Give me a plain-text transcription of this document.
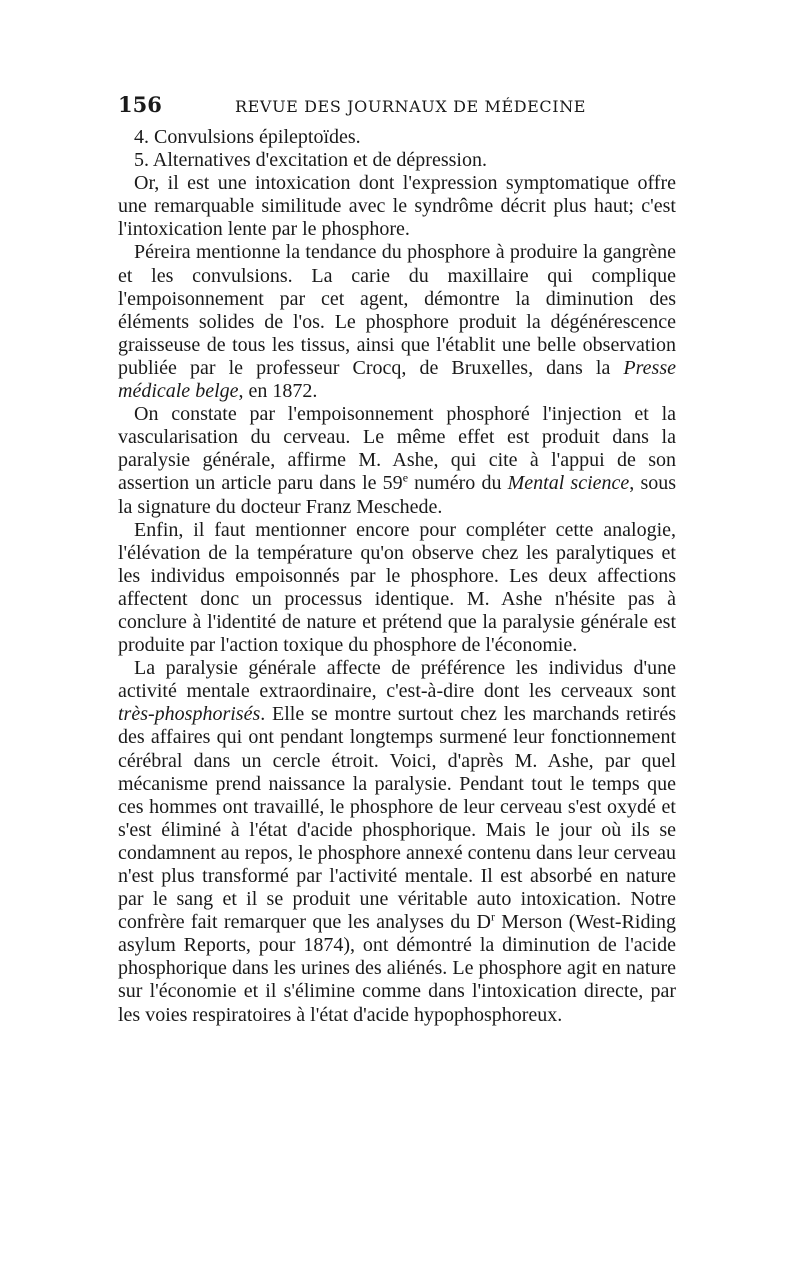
156	REVUE DES JOURNAUX DE MÉDECINE

4. Convulsions épileptoïdes.

5. Alternatives d'excitation et de dépression.

Or, il est une intoxication dont l'expression symptomatique offre une remarquable similitude avec le syndrôme décrit plus haut; c'est l'intoxication lente par le phosphore.

Péreira mentionne la tendance du phosphore à produire la gangrène et les convulsions. La carie du maxillaire qui complique l'empoisonnement par cet agent, démontre la diminution des éléments solides de l'os. Le phosphore produit la dégénérescence graisseuse de tous les tissus, ainsi que l'établit une belle observation publiée par le professeur Crocq, de Bruxelles, dans la Presse médicale belge, en 1872.

On constate par l'empoisonnement phosphoré l'injection et la vascularisation du cerveau. Le même effet est produit dans la paralysie générale, affirme M. Ashe, qui cite à l'appui de son assertion un article paru dans le 59e numéro du Mental science, sous la signature du docteur Franz Meschede.

Enfin, il faut mentionner encore pour compléter cette analogie, l'élévation de la température qu'on observe chez les paralytiques et les individus empoisonnés par le phosphore. Les deux affections affectent donc un processus identique. M. Ashe n'hésite pas à conclure à l'identité de nature et prétend que la paralysie générale est produite par l'action toxique du phosphore de l'économie.

La paralysie générale affecte de préférence les individus d'une activité mentale extraordinaire, c'est-à-dire dont les cerveaux sont très-phosphorisés. Elle se montre surtout chez les marchands retirés des affaires qui ont pendant longtemps surmené leur fonctionnement cérébral dans un cercle étroit. Voici, d'après M. Ashe, par quel mécanisme prend naissance la paralysie. Pendant tout le temps que ces hommes ont travaillé, le phosphore de leur cerveau s'est oxydé et s'est éliminé à l'état d'acide phosphorique. Mais le jour où ils se condamnent au repos, le phosphore annexé contenu dans leur cerveau n'est plus transformé par l'activité mentale. Il est absorbé en nature par le sang et il se produit une véritable auto intoxication. Notre confrère fait remarquer que les analyses du $D^r$ Merson (West-Riding asylum Reports, pour 1874), ont démontré la diminution de l'acide phosphorique dans les urines des aliénés. Le phosphore agit en nature sur l'économie et il s'élimine comme dans l'intoxication directe, par les voies respiratoires à l'état d'acide hypophosphoreux.
